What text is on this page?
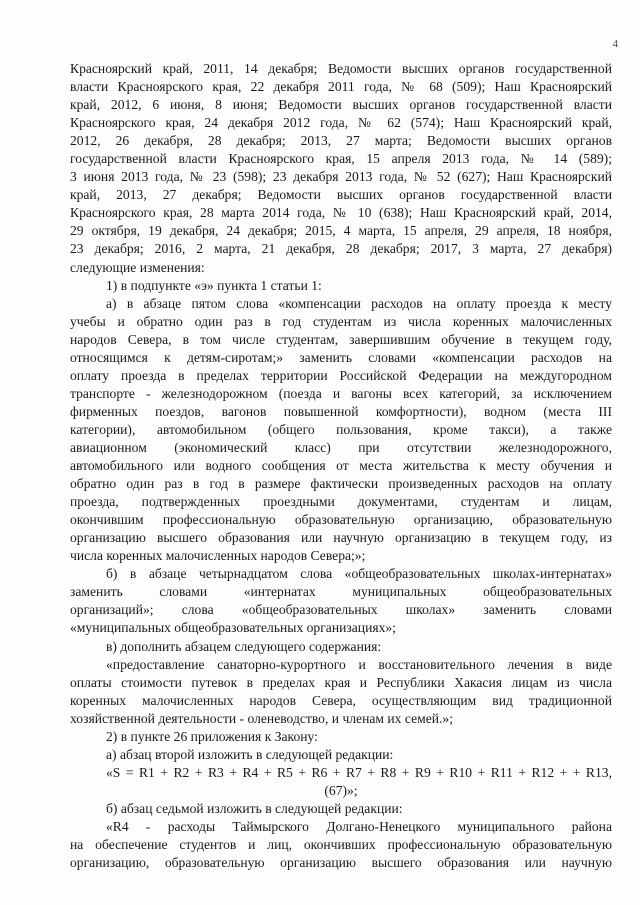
4
Красноярский край, 2011, 14 декабря; Ведомости высших органов государственной
власти Красноярского края, 22 декабря 2011 года, № 68 (509); Наш Красноярский
край, 2012, 6 июня, 8 июня; Ведомости высших органов государственной власти
Красноярского края, 24 декабря 2012 года, № 62 (574); Наш Красноярский край,
2012, 26 декабря, 28 декабря; 2013, 27 марта; Ведомости высших органов
государственной власти Красноярского края, 15 апреля 2013 года, № 14 (589);
3 июня 2013 года, № 23 (598); 23 декабря 2013 года, № 52 (627); Наш Красноярский
край, 2013, 27 декабря; Ведомости высших органов государственной власти
Красноярского края, 28 марта 2014 года, № 10 (638); Наш Красноярский край, 2014,
29 октября, 19 декабря, 24 декабря; 2015, 4 марта, 15 апреля, 29 апреля, 18 ноября,
23 декабря; 2016, 2 марта, 21 декабря, 28 декабря; 2017, 3 марта, 27 декабря)
следующие изменения:
1) в подпункте «э» пункта 1 статьи 1:
а) в абзаце пятом слова «компенсации расходов на оплату проезда к месту
учебы и обратно один раз в год студентам из числа коренных малочисленных
народов Севера, в том числе студентам, завершившим обучение в текущем году,
относящимся к детям-сиротам;» заменить словами «компенсации расходов на
оплату проезда в пределах территории Российской Федерации на междугородном
транспорте - железнодорожном (поезда и вагоны всех категорий, за исключением
фирменных поездов, вагонов повышенной комфортности), водном (места III
категории), автомобильном (общего пользования, кроме такси), а также
авиационном (экономический класс) при отсутствии железнодорожного,
автомобильного или водного сообщения от места жительства к месту обучения и
обратно один раз в год в размере фактически произведенных расходов на оплату
проезда, подтвержденных проездными документами, студентам и лицам,
окончившим профессиональную образовательную организацию, образовательную
организацию высшего образования или научную организацию в текущем году, из
числа коренных малочисленных народов Севера;»;
б) в абзаце четырнадцатом слова «общеобразовательных школах-интернатах»
заменить словами «интернатах муниципальных общеобразовательных
организаций»; слова «общеобразовательных школах» заменить словами
«муниципальных общеобразовательных организациях»;
в) дополнить абзацем следующего содержания:
«предоставление санаторно-курортного и восстановительного лечения в виде
оплаты стоимости путевок в пределах края и Республики Хакасия лицам из числа
коренных малочисленных народов Севера, осуществляющим вид традиционной
хозяйственной деятельности - оленеводство, и членам их семей.»;
2) в пункте 26 приложения к Закону:
а) абзац второй изложить в следующей редакции:
«S = R1 + R2 + R3 + R4 + R5 + R6 + R7 + R8 + R9 + R10 + R11 + R12 + + R13,
(67)»;
б) абзац седьмой изложить в следующей редакции:
«R4 - расходы Таймырского Долгано-Ненецкого муниципального района
на обеспечение студентов и лиц, окончивших профессиональную образовательную
организацию, образовательную организацию высшего образования или научную
